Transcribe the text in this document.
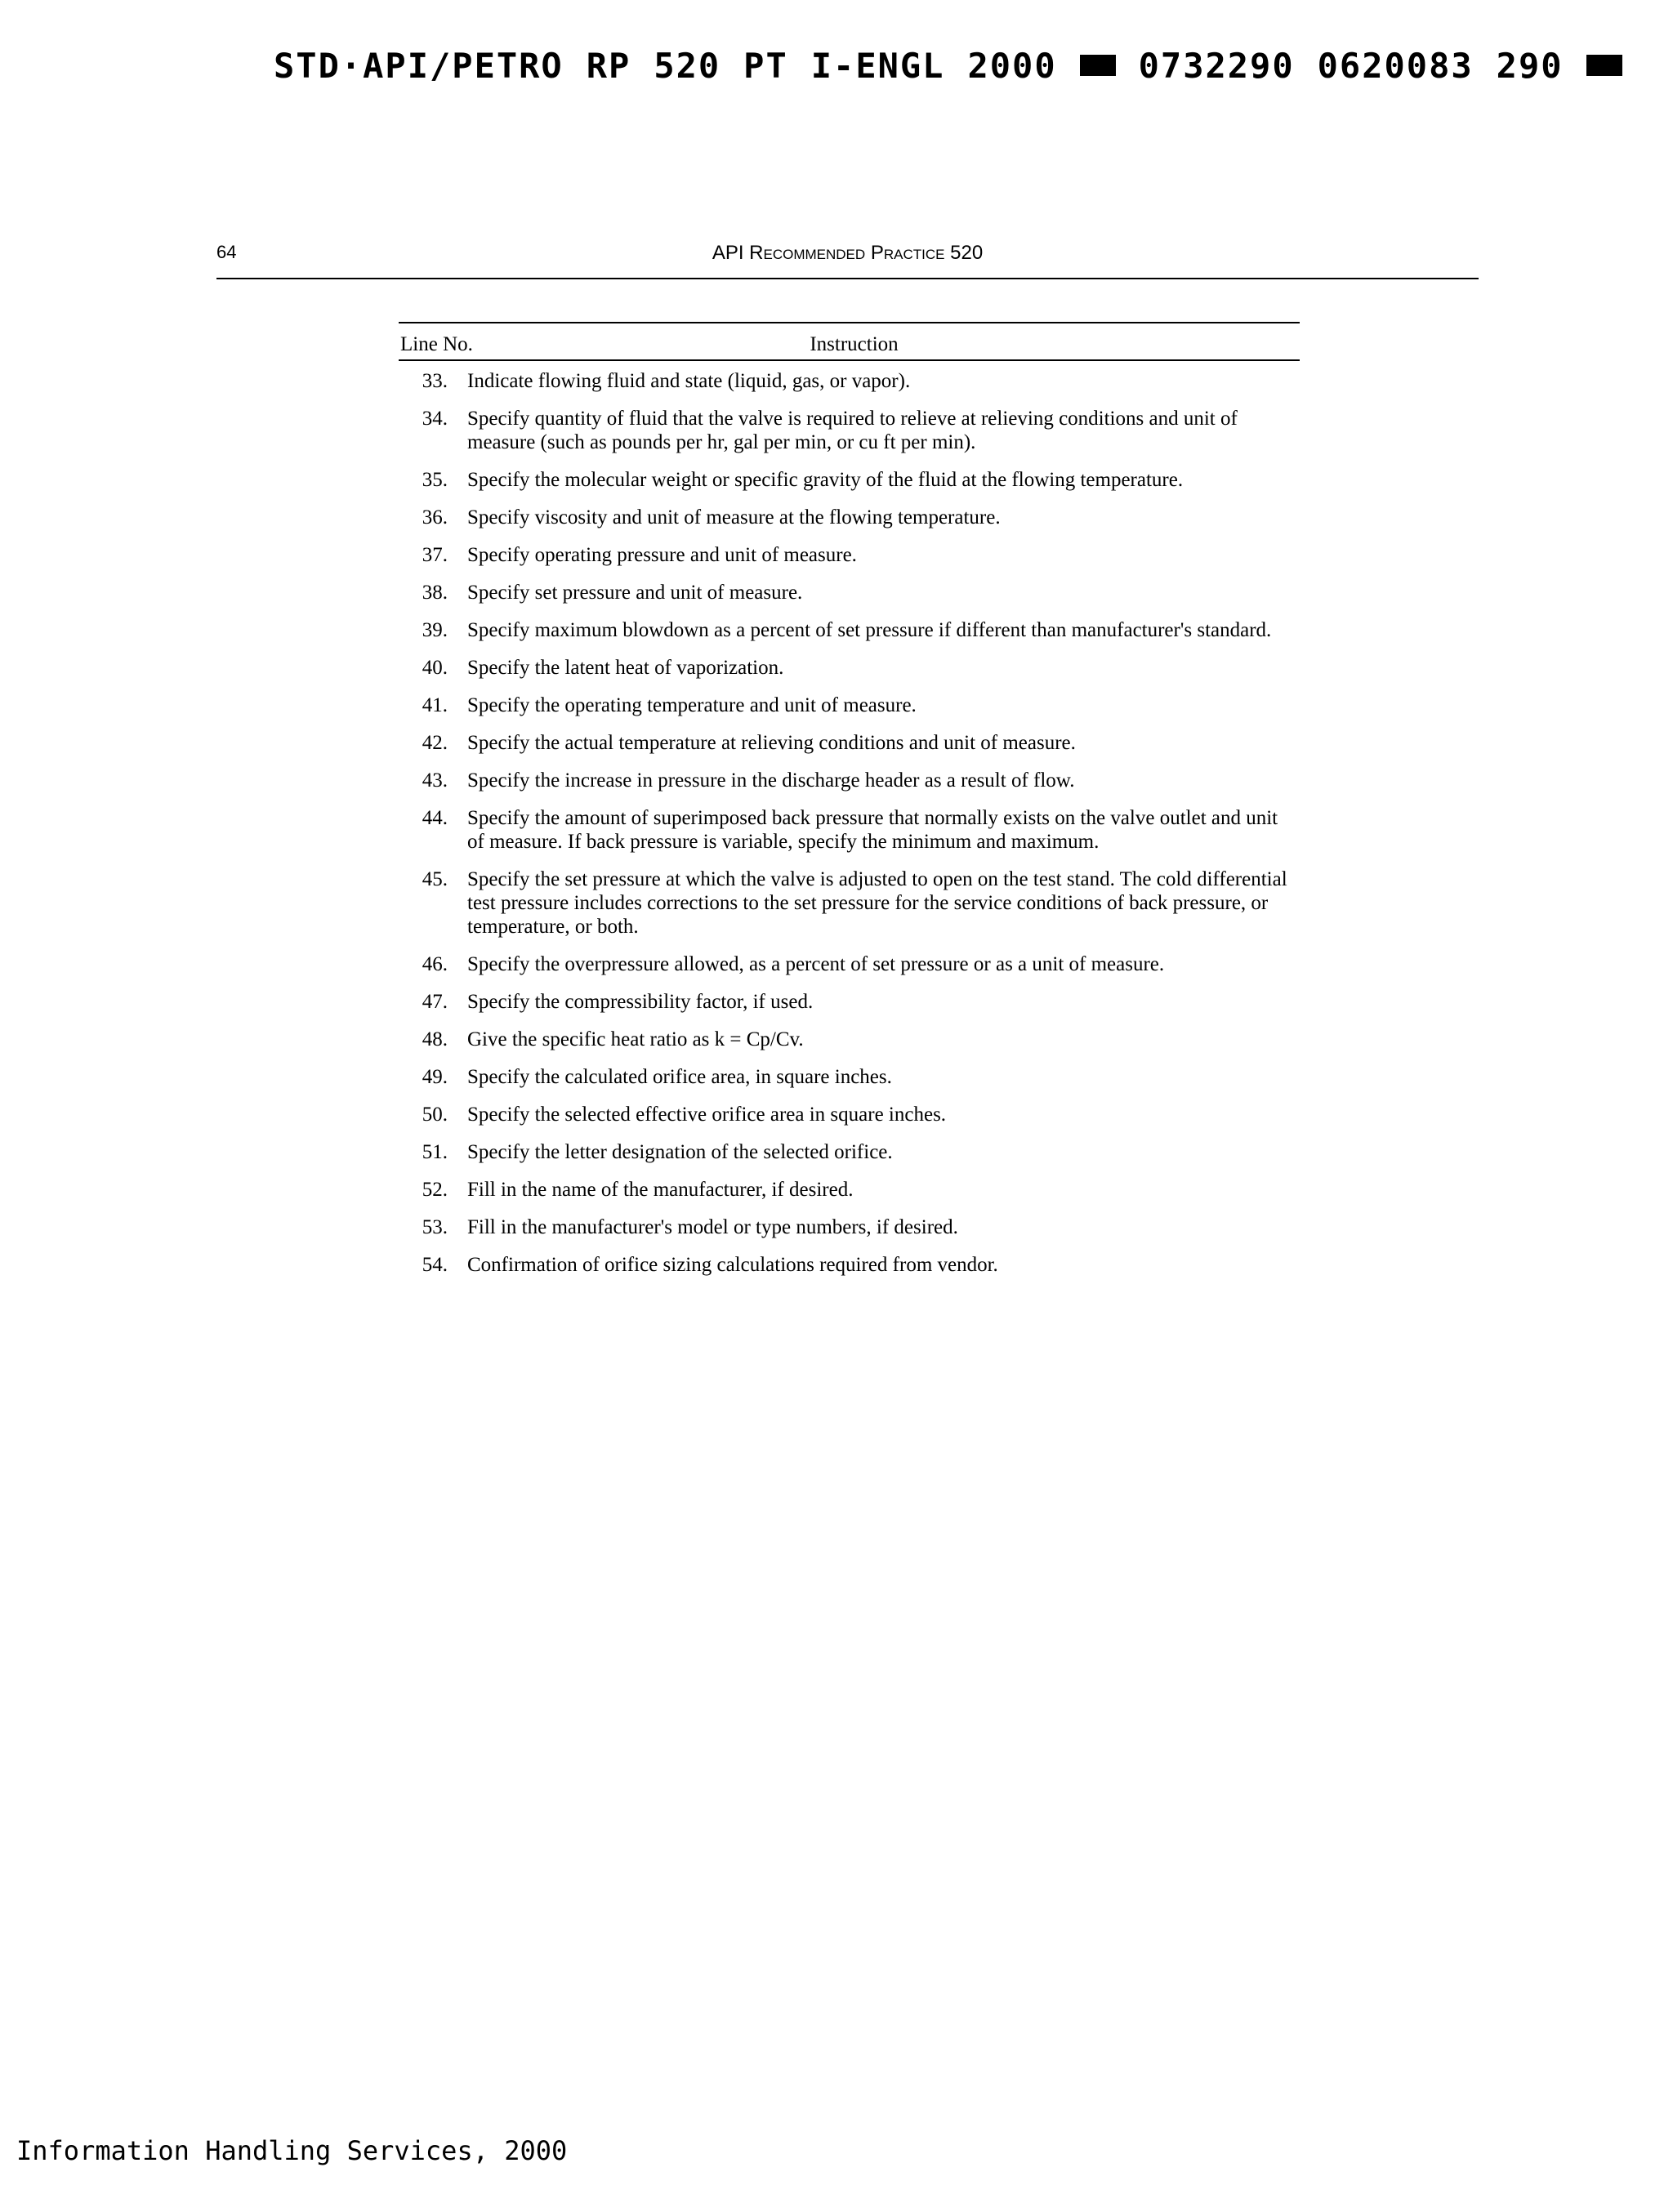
STD·API/PETRO RP 520 PT I-ENGL 2000 0732290 0620083 290
64	API Recommended Practice 520
Line No.	Instruction
33. Indicate flowing fluid and state (liquid, gas, or vapor).
34. Specify quantity of fluid that the valve is required to relieve at relieving conditions and unit of measure (such as pounds per hr, gal per min, or cu ft per min).
35. Specify the molecular weight or specific gravity of the fluid at the flowing temperature.
36. Specify viscosity and unit of measure at the flowing temperature.
37. Specify operating pressure and unit of measure.
38. Specify set pressure and unit of measure.
39. Specify maximum blowdown as a percent of set pressure if different than manufacturer's standard.
40. Specify the latent heat of vaporization.
41. Specify the operating temperature and unit of measure.
42. Specify the actual temperature at relieving conditions and unit of measure.
43. Specify the increase in pressure in the discharge header as a result of flow.
44. Specify the amount of superimposed back pressure that normally exists on the valve outlet and unit of measure. If back pressure is variable, specify the minimum and maximum.
45. Specify the set pressure at which the valve is adjusted to open on the test stand. The cold differential test pressure includes corrections to the set pressure for the service conditions of back pressure, or temperature, or both.
46. Specify the overpressure allowed, as a percent of set pressure or as a unit of measure.
47. Specify the compressibility factor, if used.
48. Give the specific heat ratio as k = Cp/Cv.
49. Specify the calculated orifice area, in square inches.
50. Specify the selected effective orifice area in square inches.
51. Specify the letter designation of the selected orifice.
52. Fill in the name of the manufacturer, if desired.
53. Fill in the manufacturer's model or type numbers, if desired.
54. Confirmation of orifice sizing calculations required from vendor.
Information Handling Services, 2000
